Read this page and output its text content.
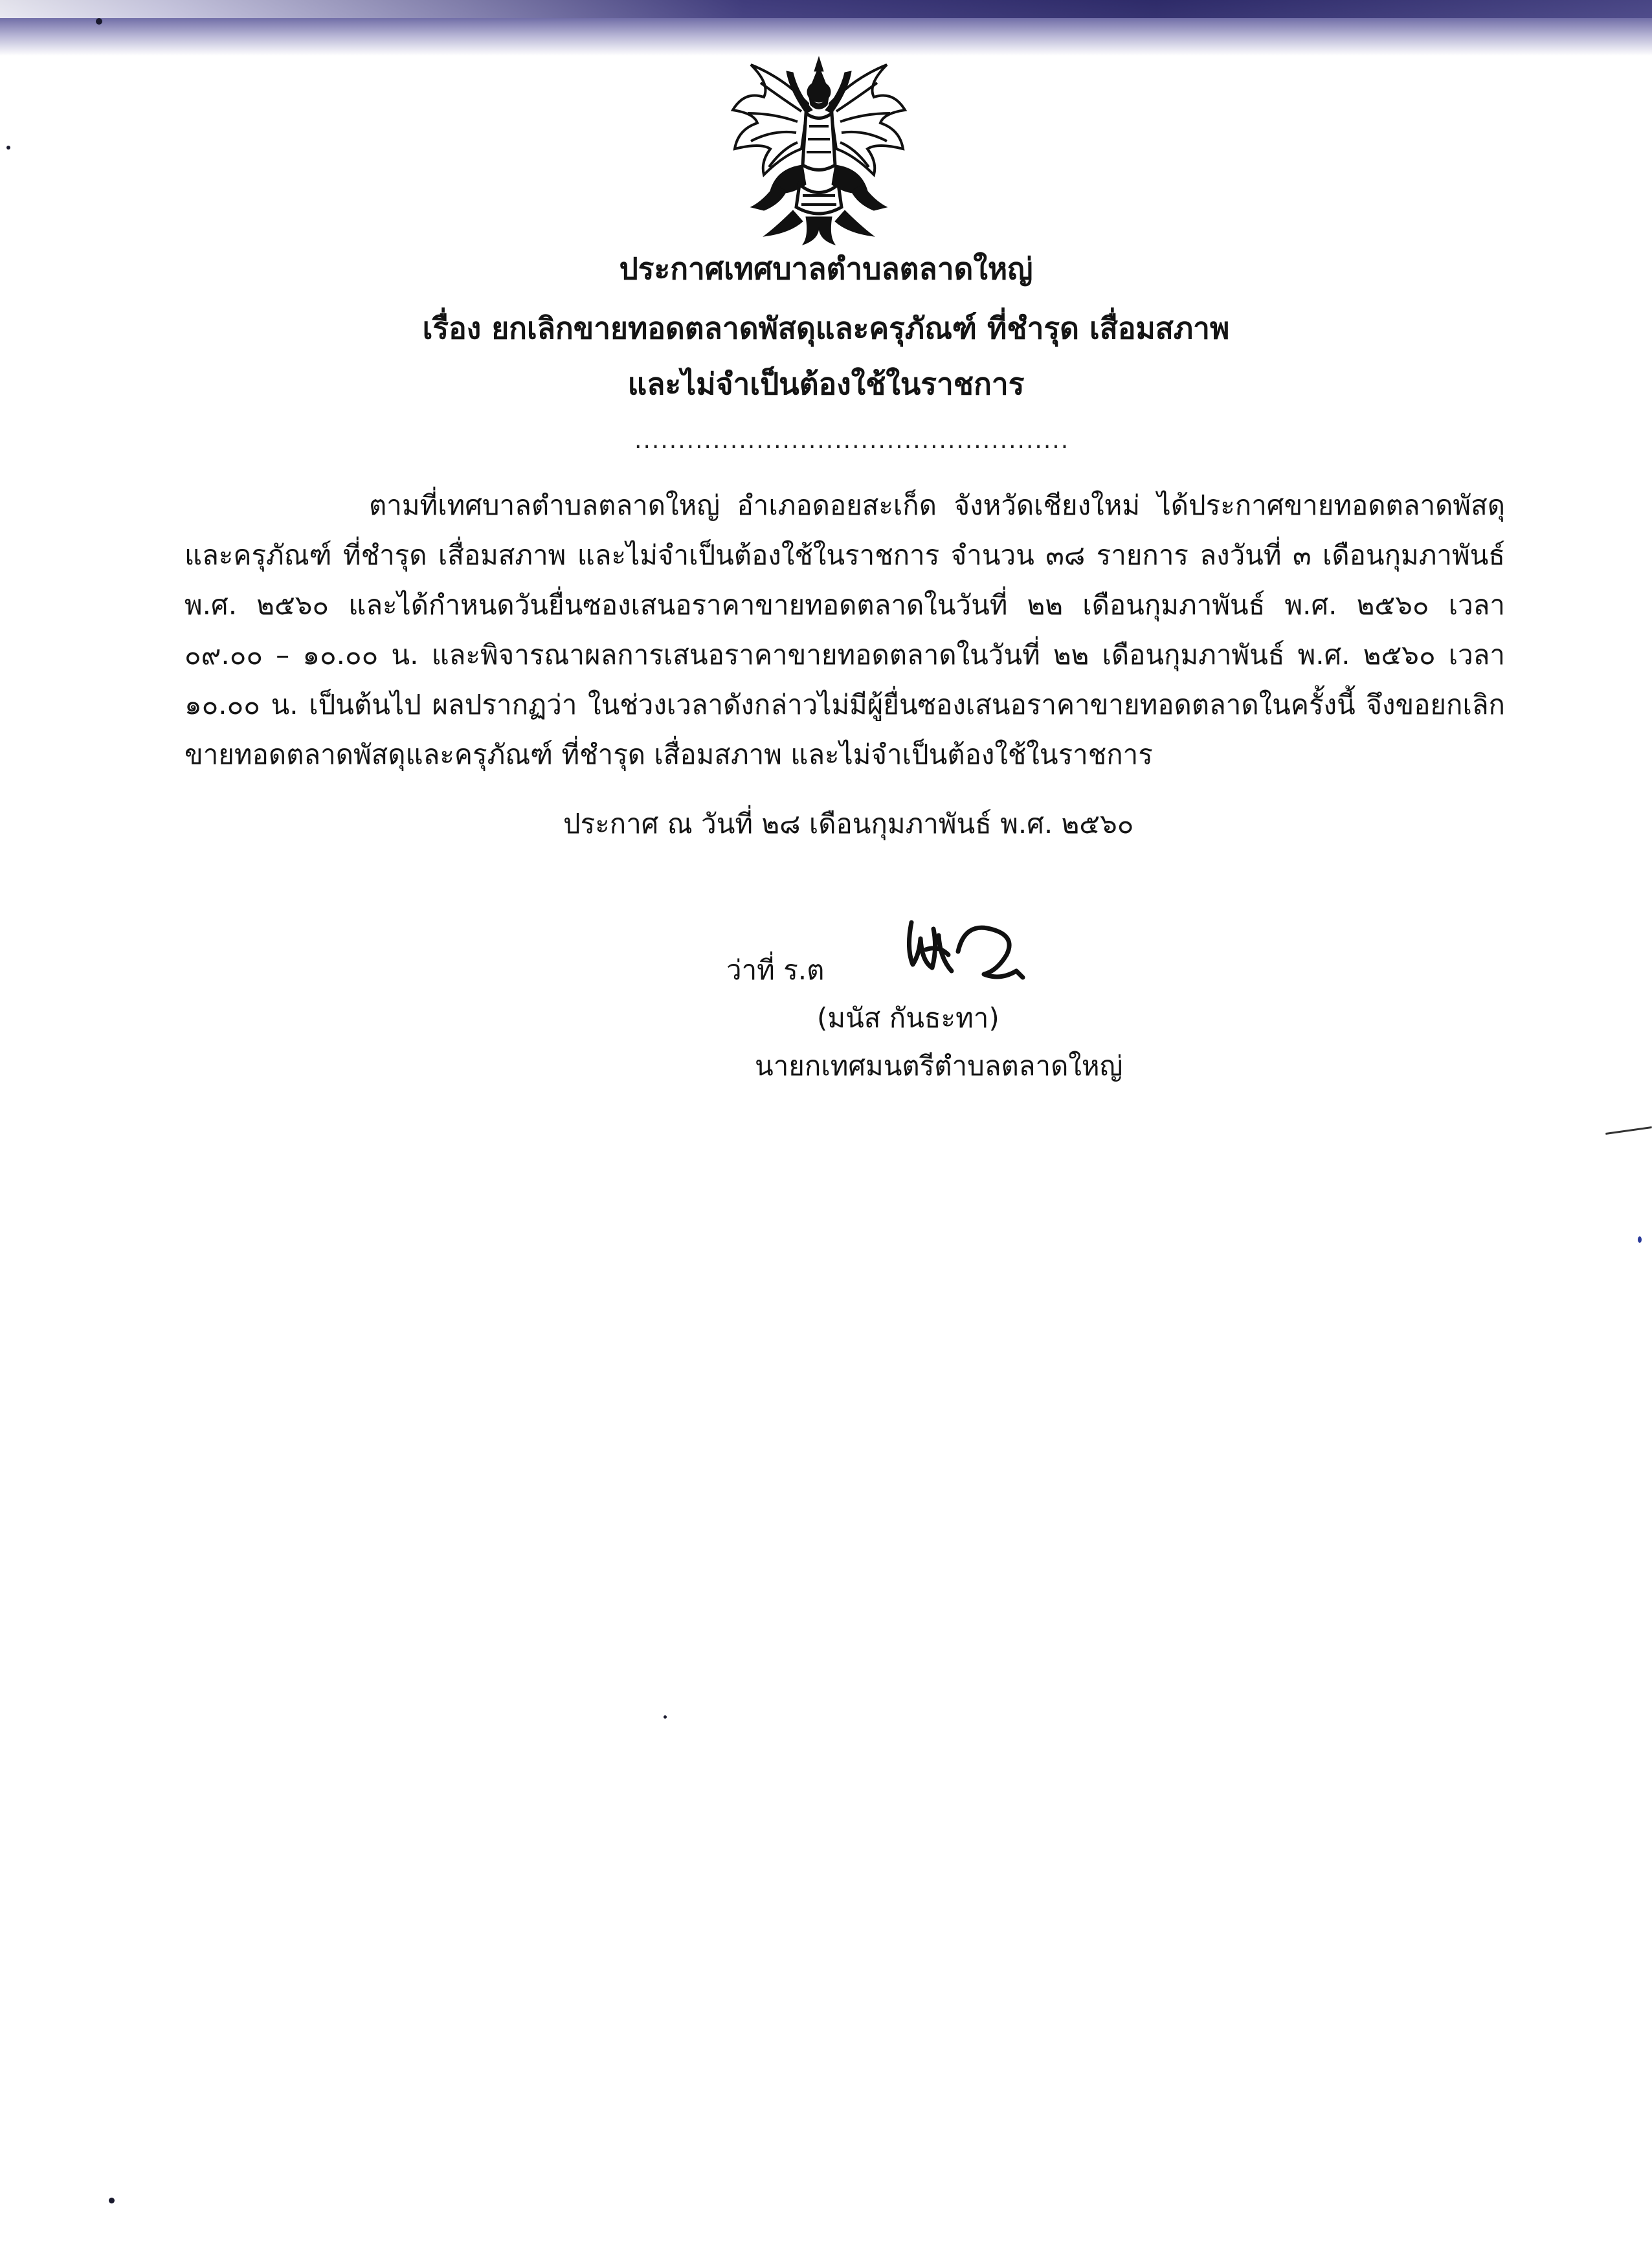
ประกาศเทศบาลตำบลตลาดใหญ่
เรื่อง ยกเลิกขายทอดตลาดพัสดุและครุภัณฑ์ ที่ชำรุด เสื่อมสภาพ
และไม่จำเป็นต้องใช้ในราชการ
..................................................
ตามที่เทศบาลตำบลตลาดใหญ่ อำเภอดอยสะเก็ด จังหวัดเชียงใหม่ ได้ประกาศขายทอดตลาดพัสดุ
และครุภัณฑ์ ที่ชำรุด เสื่อมสภาพ และไม่จำเป็นต้องใช้ในราชการ จำนวน ๓๘ รายการ ลงวันที่ ๓ เดือนกุมภาพันธ์
พ.ศ. ๒๕๖๐ และได้กำหนดวันยื่นซองเสนอราคาขายทอดตลาดในวันที่ ๒๒ เดือนกุมภาพันธ์ พ.ศ. ๒๕๖๐ เวลา
๐๙.๐๐ – ๑๐.๐๐ น. และพิจารณาผลการเสนอราคาขายทอดตลาดในวันที่ ๒๒ เดือนกุมภาพันธ์ พ.ศ. ๒๕๖๐ เวลา
๑๐.๐๐ น. เป็นต้นไป ผลปรากฏว่า ในช่วงเวลาดังกล่าวไม่มีผู้ยื่นซองเสนอราคาขายทอดตลาดในครั้งนี้ จึงขอยกเลิก
ขายทอดตลาดพัสดุและครุภัณฑ์ ที่ชำรุด เสื่อมสภาพ และไม่จำเป็นต้องใช้ในราชการ
ประกาศ ณ วันที่ ๒๘ เดือนกุมภาพันธ์ พ.ศ. ๒๕๖๐
ว่าที่ ร.ต
(มนัส กันธะทา)
นายกเทศมนตรีตำบลตลาดใหญ่
